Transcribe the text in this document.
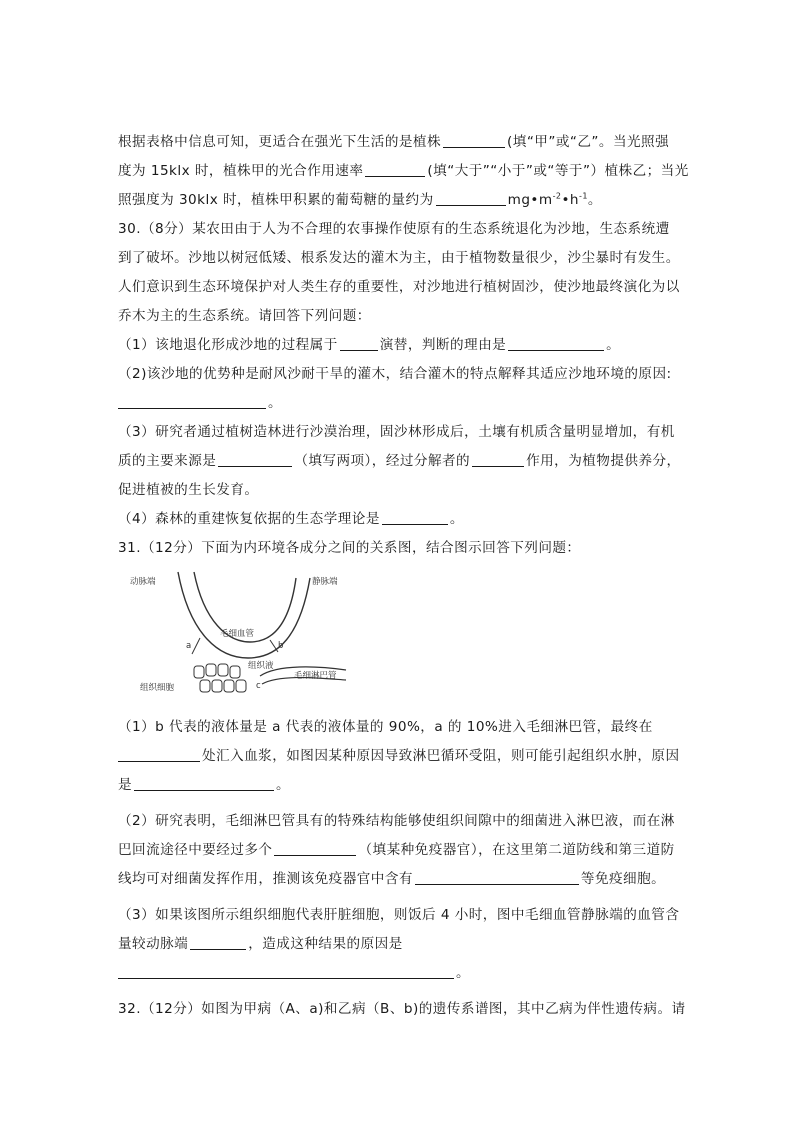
根据表格中信息可知，更适合在强光下生活的是植株	(填“甲”或“乙”。当光照强
度为 15klx 时，植株甲的光合作用速率	(填“大于”“小于”或“等于”）植株乙；当光
照强度为 30klx 时，植株甲积累的葡萄糖的量约为	$mg•m^{-2}•h^{-1}$。
30.（8分）某农田由于人为不合理的农事操作使原有的生态系统退化为沙地，生态系统遭
到了破坏。沙地以树冠低矮、根系发达的灌木为主，由于植物数量很少，沙尘暴时有发生。
人们意识到生态环境保护对人类生存的重要性，对沙地进行植树固沙，使沙地最终演化为以
乔木为主的生态系统。请回答下列问题：
（1）该地退化形成沙地的过程属于	演替，判断的理由是	。
（2)该沙地的优势种是耐风沙耐干旱的灌木，结合灌木的特点解释其适应沙地环境的原因:
。
（3）研究者通过植树造林进行沙漠治理，固沙林形成后，土壤有机质含量明显增加，有机
质的主要来源是	（填写两项），经过分解者的	作用，为植物提供养分，
促进植被的生长发育。
（4）森林的重建恢复依据的生态学理论是	。
31.（12分）下面为内环境各成分之间的关系图，结合图示回答下列问题：
动脉端	静脉端
毛细血管
a	b
组织液
c
毛细淋巴管
组织细胞
（1）b 代表的液体量是 a 代表的液体量的 90%，a 的 10%进入毛细淋巴管，最终在
处汇入血浆，如图因某种原因导致淋巴循环受阻，则可能引起组织水肿，原因
是	。
（2）研究表明，毛细淋巴管具有的特殊结构能够使组织间隙中的细菌进入淋巴液，而在淋
巴回流途径中要经过多个	（填某种免疫器官），在这里第二道防线和第三道防
线均可对细菌发挥作用，推测该免疫器官中含有	等免疫细胞。
（3）如果该图所示组织细胞代表肝脏细胞，则饭后 4 小时，图中毛细血管静脉端的血管含
量较动脉端	，造成这种结果的原因是
。
32.（12分）如图为甲病（A、a)和乙病（B、b)的遗传系谱图，其中乙病为伴性遗传病。请
